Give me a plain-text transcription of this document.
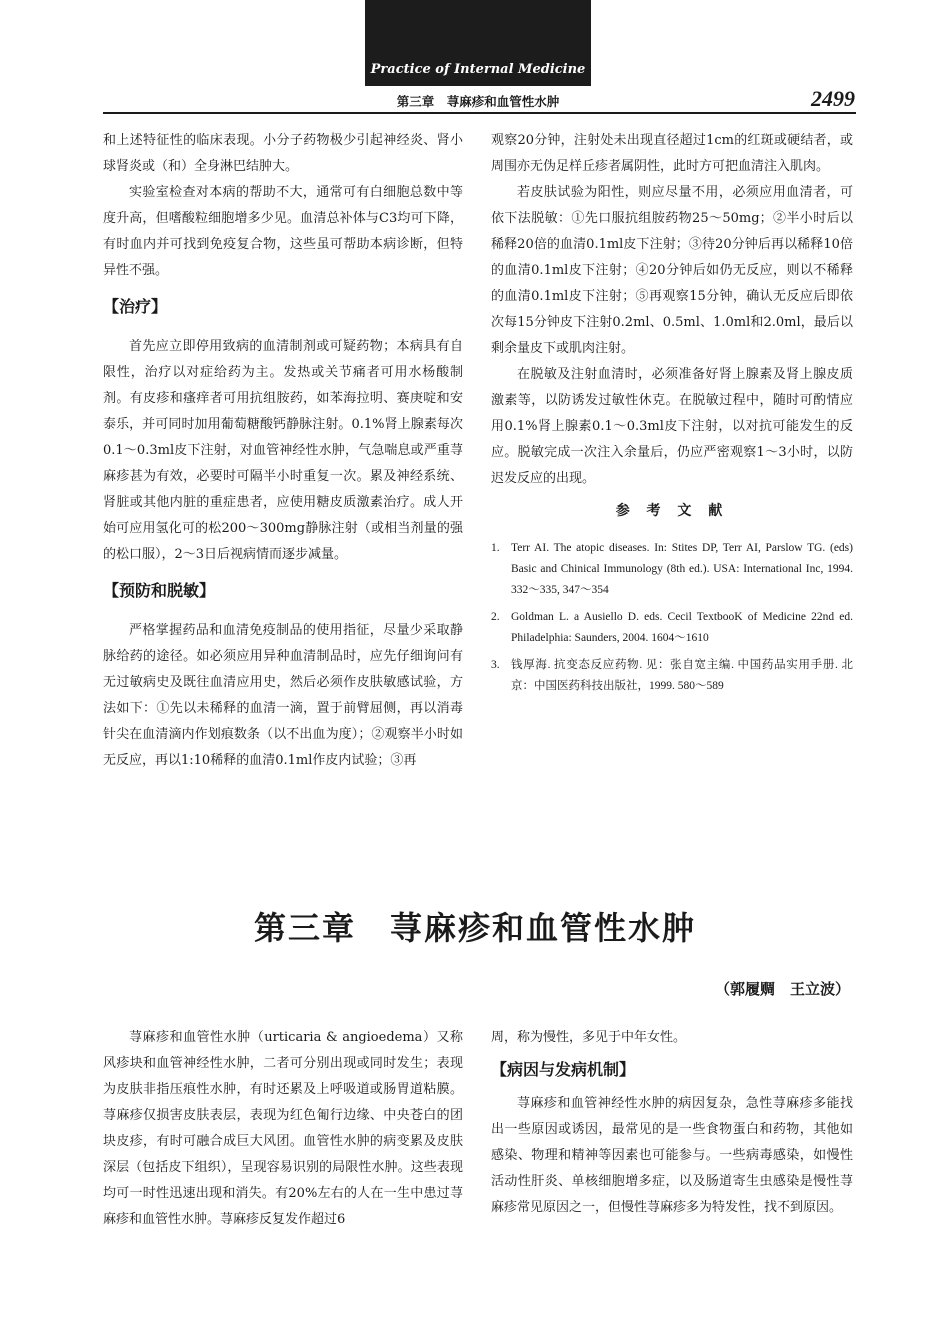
Practice of Internal Medicine
第三章　荨麻疹和血管性水肿	2499

和上述特征性的临床表现。小分子药物极少引起神经炎、肾小球肾炎或（和）全身淋巴结肿大。

实验室检查对本病的帮助不大，通常可有白细胞总数中等度升高，但嗜酸粒细胞增多少见。血清总补体与C3均可下降，有时血内并可找到免疫复合物，这些虽可帮助本病诊断，但特异性不强。

【治疗】

首先应立即停用致病的血清制剂或可疑药物；本病具有自限性，治疗以对症给药为主。发热或关节痛者可用水杨酸制剂。有皮疹和瘙痒者可用抗组胺药，如苯海拉明、赛庚啶和安泰乐，并可同时加用葡萄糖酸钙静脉注射。0.1%肾上腺素每次0.1～0.3ml皮下注射，对血管神经性水肿，气急喘息或严重荨麻疹甚为有效，必要时可隔半小时重复一次。累及神经系统、肾脏或其他内脏的重症患者，应使用糖皮质激素治疗。成人开始可应用氢化可的松200～300mg静脉注射（或相当剂量的强的松口服），2～3日后视病情而逐步减量。

【预防和脱敏】

严格掌握药品和血清免疫制品的使用指征，尽量少采取静脉给药的途径。如必须应用异种血清制品时，应先仔细询问有无过敏病史及既往血清应用史，然后必须作皮肤敏感试验，方法如下：①先以未稀释的血清一滴，置于前臂屈侧，再以消毒针尖在血清滴内作划痕数条（以不出血为度）；②观察半小时如无反应，再以1:10稀释的血清0.1ml作皮内试验；③再

观察20分钟，注射处未出现直径超过1cm的红斑或硬结者，或周围亦无伪足样丘疹者属阴性，此时方可把血清注入肌肉。

若皮肤试验为阳性，则应尽量不用，必须应用血清者，可依下法脱敏：①先口服抗组胺药物25～50mg；②半小时后以稀释20倍的血清0.1ml皮下注射；③待20分钟后再以稀释10倍的血清0.1ml皮下注射；④20分钟后如仍无反应，则以不稀释的血清0.1ml皮下注射；⑤再观察15分钟，确认无反应后即依次每15分钟皮下注射0.2ml、0.5ml、1.0ml和2.0ml，最后以剩余量皮下或肌肉注射。

在脱敏及注射血清时，必须准备好肾上腺素及肾上腺皮质激素等，以防诱发过敏性休克。在脱敏过程中，随时可酌情应用0.1%肾上腺素0.1～0.3ml皮下注射，以对抗可能发生的反应。脱敏完成一次注入余量后，仍应严密观察1～3小时，以防迟发反应的出现。

参 考 文 献
1. Terr AI. The atopic diseases. In: Stites DP, Terr AI, Parslow TG. (eds) Basic and Chinical Immunology (8th ed.). USA: International Inc, 1994. 332～335, 347～354
2. Goldman L. a Ausiello D. eds. Cecil TextbooK of Medicine 22nd ed. Philadelphia: Saunders, 2004. 1604～1610
3. 钱厚海. 抗变态反应药物. 见：张自宽主编. 中国药品实用手册. 北京：中国医药科技出版社，1999. 580～589
第三章　荨麻疹和血管性水肿
（郭履赒　王立波）

荨麻疹和血管性水肿（urticaria & angioedema）又称风疹块和血管神经性水肿，二者可分别出现或同时发生；表现为皮肤非指压痕性水肿，有时还累及上呼吸道或肠胃道粘膜。荨麻疹仅损害皮肤表层，表现为红色匍行边缘、中央苍白的团块皮疹，有时可融合成巨大风团。血管性水肿的病变累及皮肤深层（包括皮下组织），呈现容易识别的局限性水肿。这些表现均可一时性迅速出现和消失。有20%左右的人在一生中患过荨麻疹和血管性水肿。荨麻疹反复发作超过6

周，称为慢性，多见于中年女性。

【病因与发病机制】

荨麻疹和血管神经性水肿的病因复杂，急性荨麻疹多能找出一些原因或诱因，最常见的是一些食物蛋白和药物，其他如感染、物理和精神等因素也可能参与。一些病毒感染，如慢性活动性肝炎、单核细胞增多症，以及肠道寄生虫感染是慢性荨麻疹常见原因之一，但慢性荨麻疹多为特发性，找不到原因。
